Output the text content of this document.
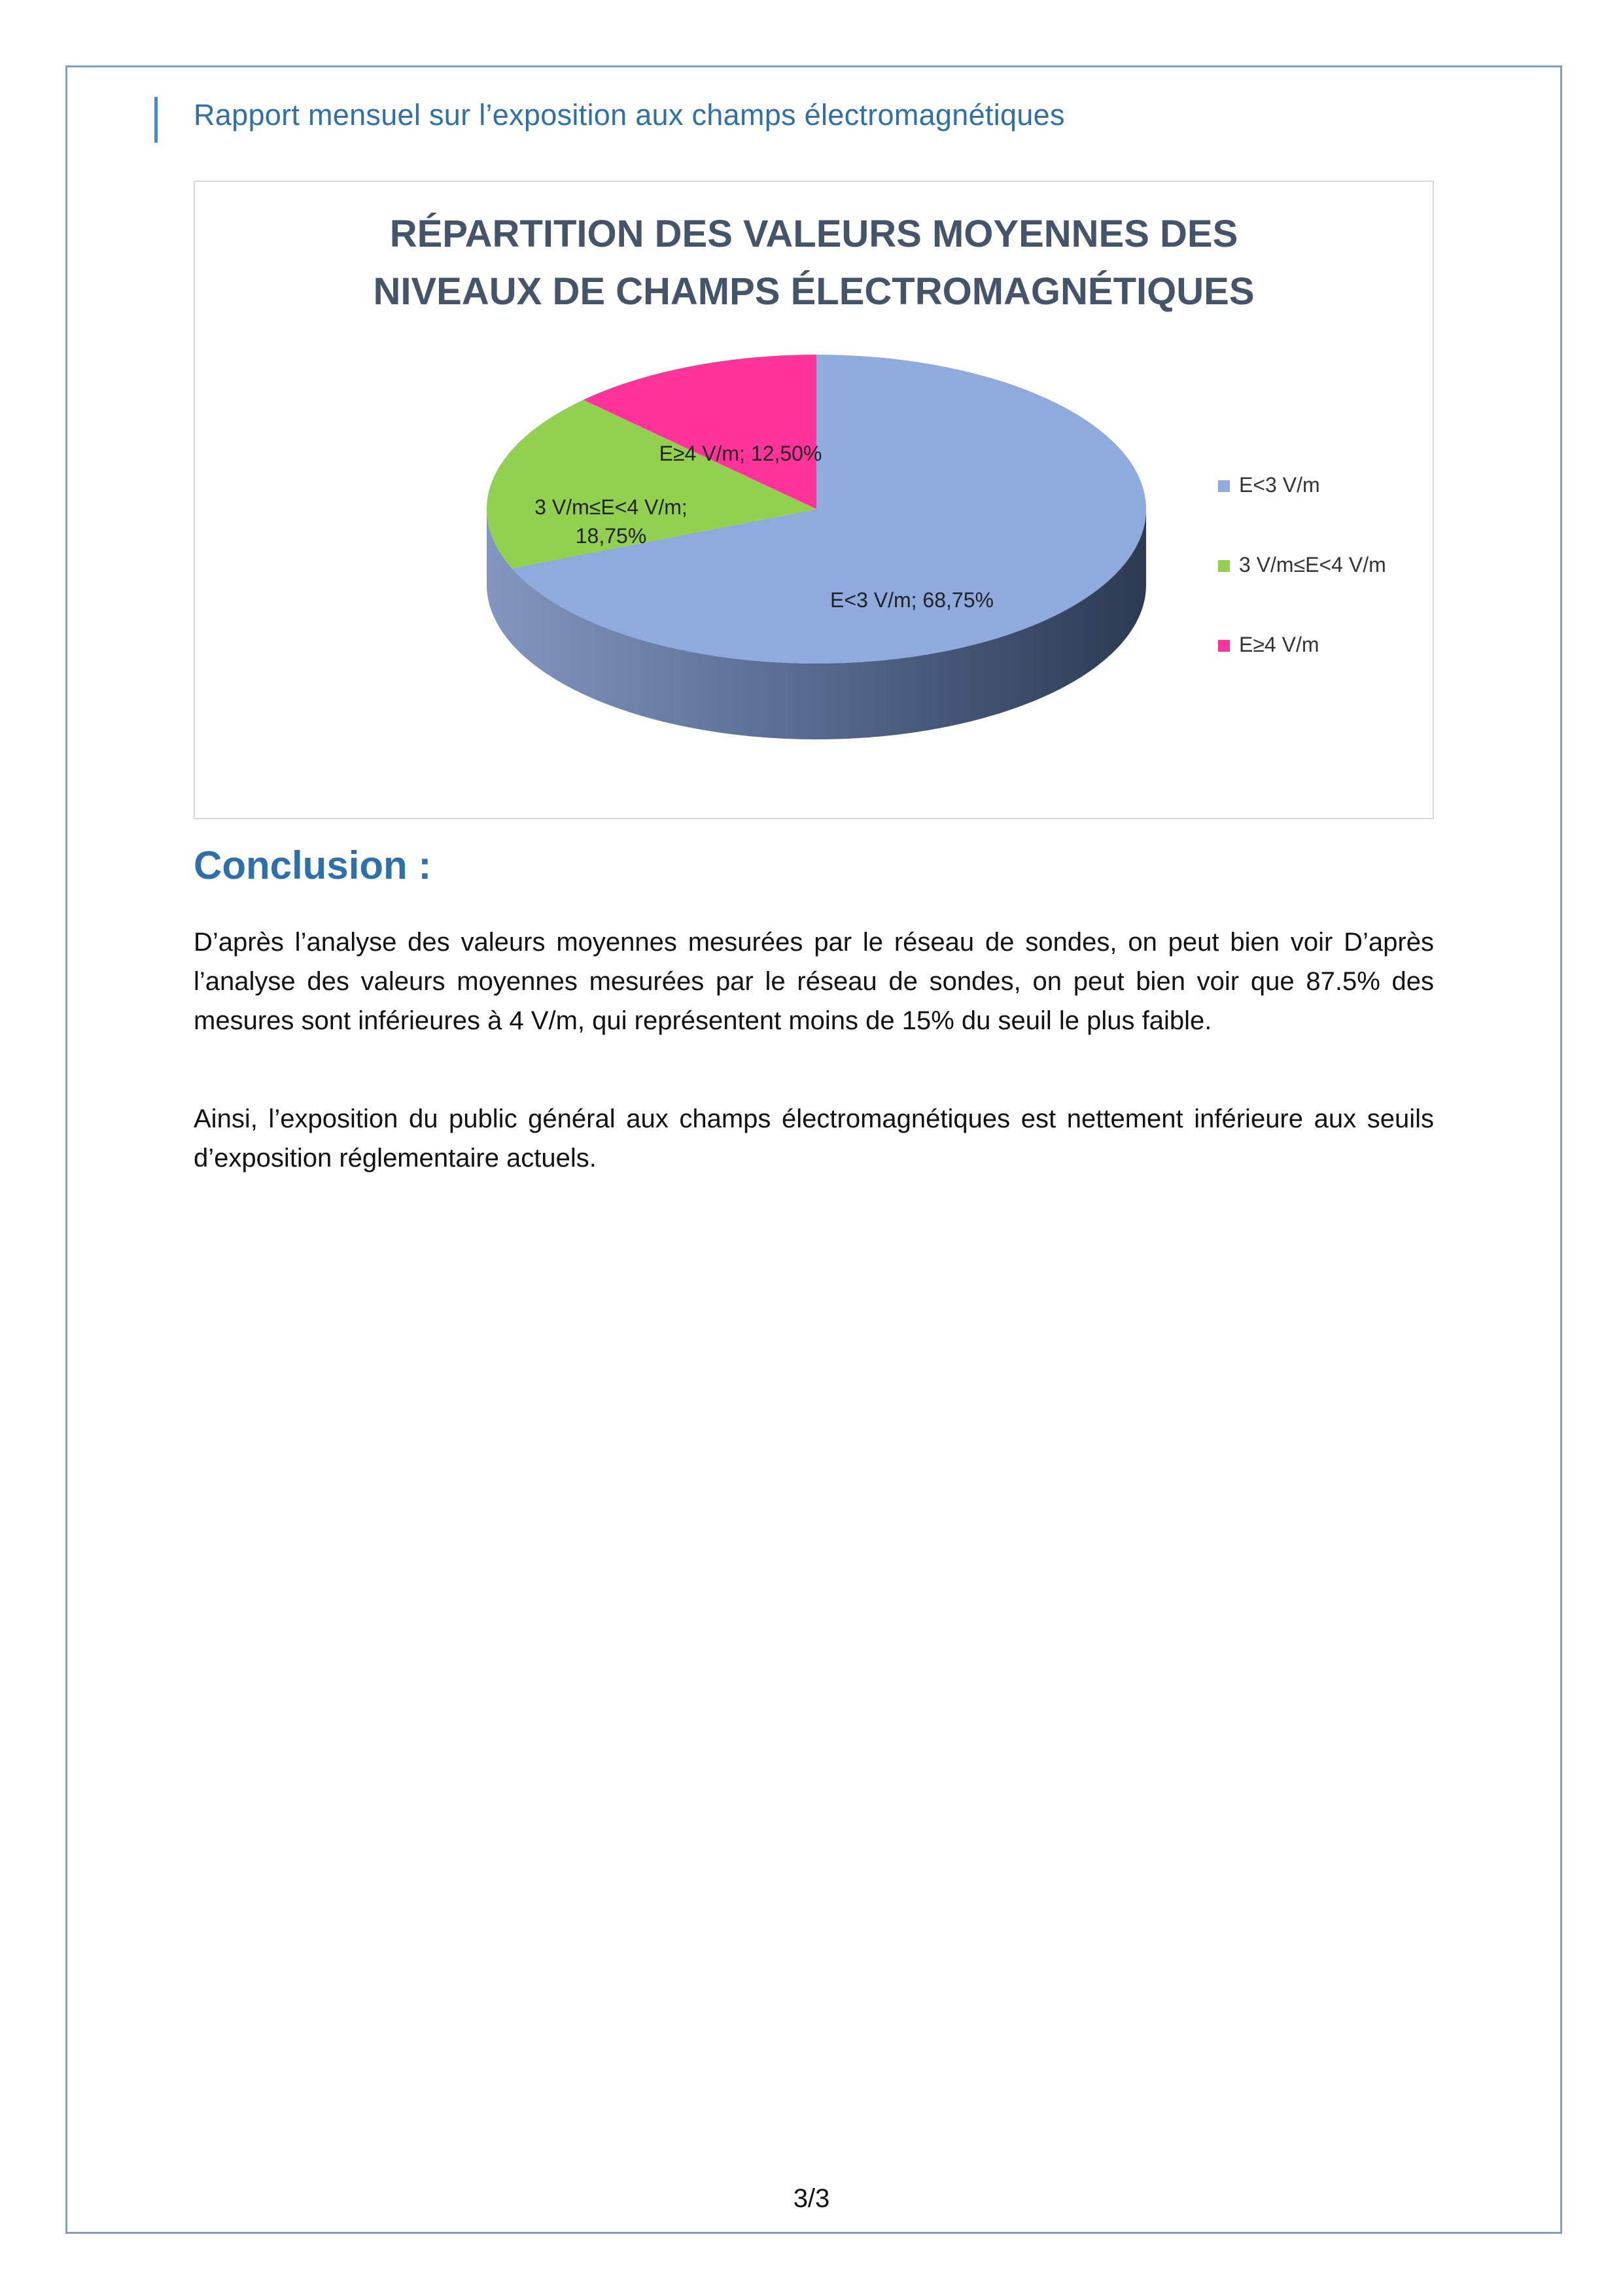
Rapport mensuel sur l’exposition aux champs électromagnétiques
RÉPARTITION DES VALEURS MOYENNES DES
NIVEAUX DE CHAMPS ÉLECTROMAGNÉTIQUES
E<3 V/m; 68,75%
3 V/m≤E<4 V/m;
18,75%
E≥4 V/m; 12,50%
E<3 V/m
3 V/m≤E<4 V/m
E≥4 V/m
Conclusion :

D’après l’analyse des valeurs moyennes mesurées par le réseau de sondes, on peut bien voir D’après l’analyse des valeurs moyennes mesurées par le réseau de sondes, on peut bien voir que 87.5% des mesures sont inférieures à 4 V/m, qui représentent moins de 15% du seuil le plus faible.

Ainsi, l’exposition du public général aux champs électromagnétiques est nettement inférieure aux seuils d’exposition réglementaire actuels.

3/3
